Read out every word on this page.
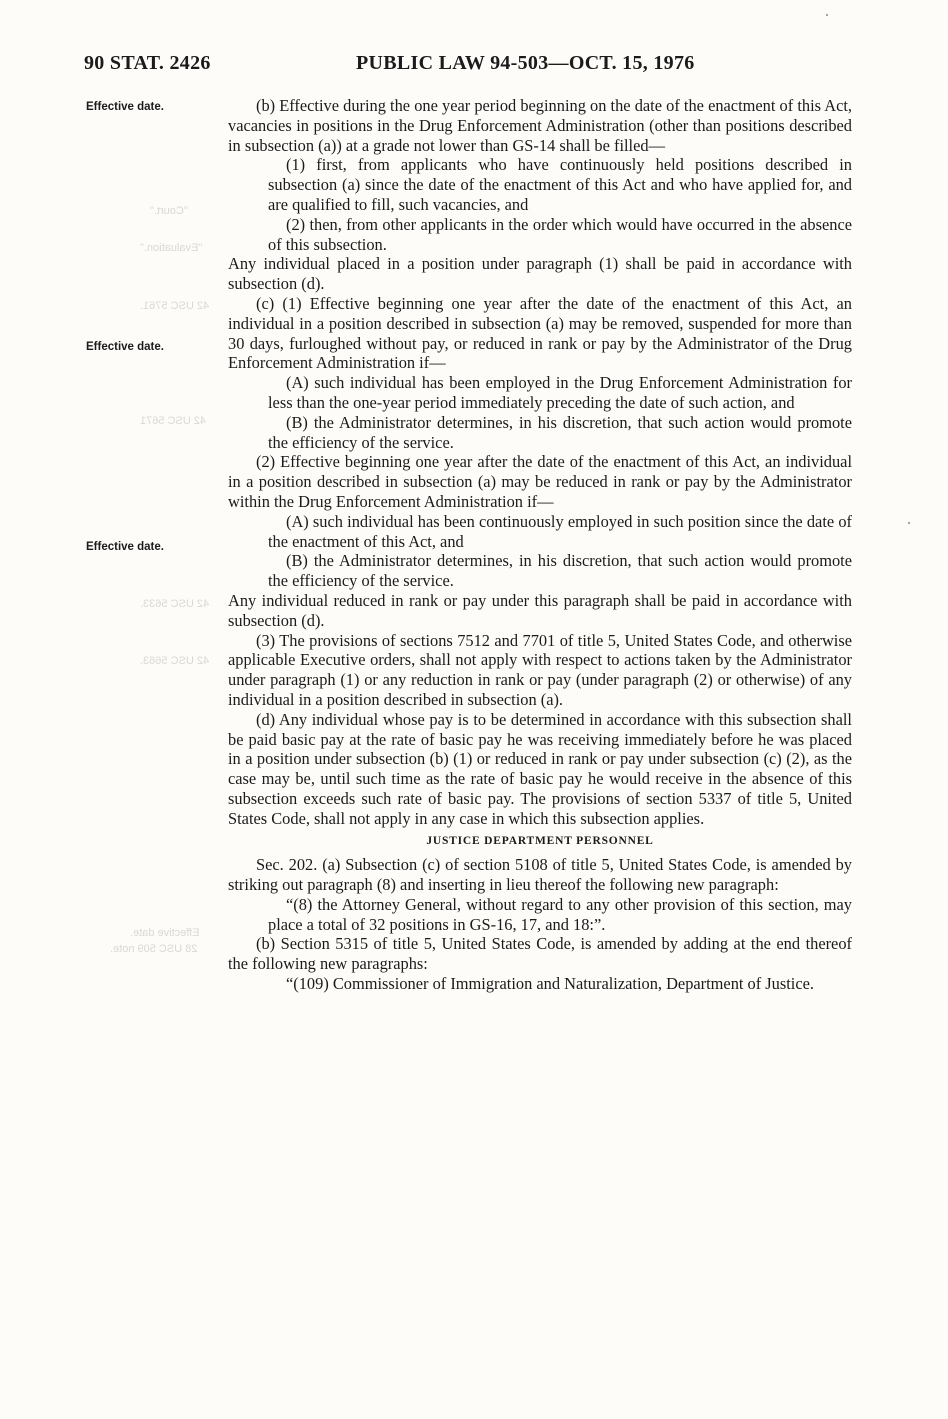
"Court."
"Evaluation."
42 USC 5761.
42 USC 5671
42 USC 5633.
42 USC 5663.
Effective date.
28 USC 509 note.
90 STAT. 2426	PUBLIC LAW 94-503—OCT. 15, 1976
Effective date.
Effective date.
Effective date.

(b) Effective during the one year period beginning on the date of the enactment of this Act, vacancies in positions in the Drug Enforcement Administration (other than positions described in subsection (a)) at a grade not lower than GS-14 shall be filled—

(1) first, from applicants who have continuously held positions described in subsection (a) since the date of the enactment of this Act and who have applied for, and are qualified to fill, such vacancies, and

(2) then, from other applicants in the order which would have occurred in the absence of this subsection.

Any individual placed in a position under paragraph (1) shall be paid in accordance with subsection (d).

(c) (1) Effective beginning one year after the date of the enactment of this Act, an individual in a position described in subsection (a) may be removed, suspended for more than 30 days, furloughed without pay, or reduced in rank or pay by the Administrator of the Drug Enforcement Administration if—

(A) such individual has been employed in the Drug Enforcement Administration for less than the one-year period immediately preceding the date of such action, and

(B) the Administrator determines, in his discretion, that such action would promote the efficiency of the service.

(2) Effective beginning one year after the date of the enactment of this Act, an individual in a position described in subsection (a) may be reduced in rank or pay by the Administrator within the Drug Enforcement Administration if—

(A) such individual has been continuously employed in such position since the date of the enactment of this Act, and

(B) the Administrator determines, in his discretion, that such action would promote the efficiency of the service.

Any individual reduced in rank or pay under this paragraph shall be paid in accordance with subsection (d).

(3) The provisions of sections 7512 and 7701 of title 5, United States Code, and otherwise applicable Executive orders, shall not apply with respect to actions taken by the Administrator under paragraph (1) or any reduction in rank or pay (under paragraph (2) or otherwise) of any individual in a position described in subsection (a).

(d) Any individual whose pay is to be determined in accordance with this subsection shall be paid basic pay at the rate of basic pay he was receiving immediately before he was placed in a position under subsection (b) (1) or reduced in rank or pay under subsection (c) (2), as the case may be, until such time as the rate of basic pay he would receive in the absence of this subsection exceeds such rate of basic pay. The provisions of section 5337 of title 5, United States Code, shall not apply in any case in which this subsection applies.

JUSTICE DEPARTMENT PERSONNEL

Sec. 202. (a) Subsection (c) of section 5108 of title 5, United States Code, is amended by striking out paragraph (8) and inserting in lieu thereof the following new paragraph:

“(8) the Attorney General, without regard to any other provision of this section, may place a total of 32 positions in GS-16, 17, and 18:”.

(b) Section 5315 of title 5, United States Code, is amended by adding at the end thereof the following new paragraphs:

“(109) Commissioner of Immigration and Naturalization, Department of Justice.
